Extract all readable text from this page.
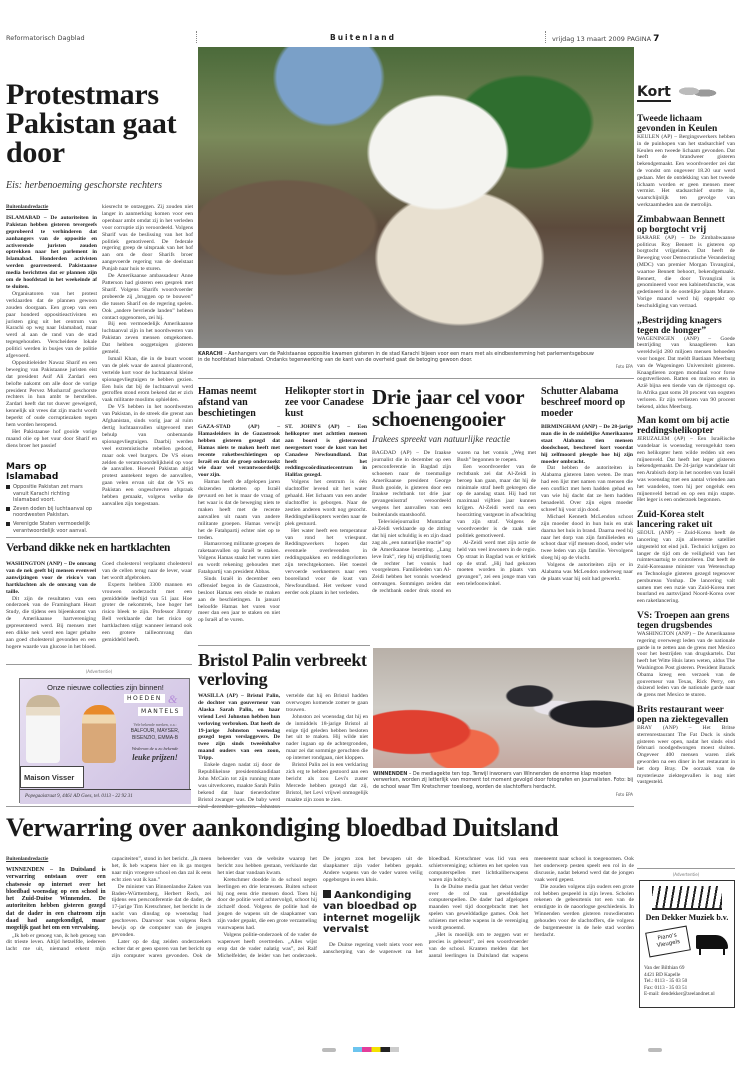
Reformatorisch Dagblad	Buitenland	vrijdag 13 maart 2009 PAGINA 7
Protestmars Pakistan gaat door
Eis: herbenoeming geschorste rechters
Buitenlandredactie

ISLAMABAD – De autoriteiten in Pakistan hebben gisteren tevergeefs geprobeerd te verhinderen dat aanhangers van de oppositie en activerende juristen zouden optrekken naar het parlement in Islamabad. Honderden activisten werden gearresteerd. Pakistaanse media berichtten dat er plannen zijn om de hoofdstad in het weekeinde af te sluiten.

Organisatoren van het protest verklaarden dat de plannen gewoon zouden doorgaan. Een groep van een paar honderd oppositieactivisten en juristen ging uit het centrum van Karachi op weg naar Islamabad, maar werd al aan de rand van de stad tegengehouden. Verscheidene lokale politici werden in busjes van de politie afgevoerd.

Oppositieleider Nawaz Sharif en een beweging van Pakistaanse juristen eist dat president Asif Ali Zardari een belofte nakomt om alle door de vorige president Pervez Musharraf geschorste rechters in hun ambt te herstellen. Zardari heeft dat tot dusver geweigerd, kennelijk uit vrees dat zijn macht wordt beperkt of oude corruptiezaken tegen hem worden heropend.

Het Pakistaanse hof gooide vorige maand olie op het vuur door Sharif en diens broer het passief

kiesrecht te ontzeggen. Zij zouden niet langer in aanmerking komen voor een openbaar ambt omdat zij in het verleden voor corruptie zijn veroordeeld. Volgens Sharif was de beslissing van het hof politiek gemotiveerd. De federale regering greep de uitspraak van het hof aan om de door Sharifs broer aangevoerde regering van de deelstaat Punjab naar huis te sturen.

De Amerikaanse ambassadeur Anne Patterson had gisteren een gesprek met Sharif. Volgens Sharifs woordvoerder probeerde zij „bruggen op te bouwen” die tussen Sharif en de regering spelen. Ook „andere bevriende landen” hebben contact opgenomen, zei hij.

Bij een vermoedelijk Amerikaanse luchtaanval zijn in het noordwesten van Pakistan zeven mensen omgekomen. Dat hebben ooggetuigen gisteren gemeld.

Ismail Khan, die in de buurt woont van de plek waar de aanval plaatsvond, vertelde kort voor de luchtaanval kleine spionagevliegtuigen te hebben gezien. Een huis dat bij de luchtaanval werd getroffen stond erom bekend dat er zich vaak militante moslims ophielden.

De VS hebben in het noordwesten van Pakistan, in de streek die grenst aan Afghanistan, sinds vorig jaar al ruim dertig luchtaanvallen uitgevoerd met behulp van onbemande spionagevliegtuigen. Daarbij werden veel extremistische rebellen gedood, maar ook veel burgers. De VS eisen zelden de verantwoordelijkheid op voor de aanvallen. Hoewel Pakistan altijd protest aantekent tegen de aanvallen, gaan velen ervan uit dat de VS en Pakistan een ongeschreven afspraak hebben gemaakt, volgens welke de aanvallen zijn toegestaan.

Mars op Islamabad
Oppositie Pakistan zet mars vanuit Karachi richting Islamabad voort.
Zeven doden bij luchtaanval op noordwesten Pakistan.
Verenigde Staten vermoedelijk verantwoordelijk voor aanval.
Verband dikke nek en hartklachten

WASHINGTON (ANP) – De omvang van de nek geeft bij mensen evenveel aanwijzingen voor de risico's van hartklachten als de omvang van de taille.

Dit zijn de resultaten van een onderzoek van de Framingham Heart Study, die tijdens een bijeenkomst van de Amerikaanse hartvereniging gepresenteerd werd. Bij mensen met een dikke nek werd een lager gehalte aan goed cholesterol gevonden en een hogere waarde van glucose in het bloed. Goed cholesterol verplaatst cholesterol van de cellen terug naar de lever, waar het wordt afgebroken.

Experts hebben 3300 mannen en vrouwen onderzocht met een gemiddelde leeftijd van 51 jaar. Hoe groter de nekomtrek, hoe hoger het risico bleek te zijn. Professor Jimmy Bell verklaarde dat het risico op hartklachten stijgt wanneer iemand ook een grotere tailleomvang dan gemiddeld heeft.

(Advertentie)
Onze nieuwe collecties zijn binnen!
HOEDEN &
MANTELS
Vele bekende merken, o.a.:
BALFOUR, MAYSER, BISENZIO, EMMA-B
Wederom de u zo bekende
leuke prijzen!
Maison Visser
Popegaaistraat 9, 4461 AD Goes, tel. 0113 - 22 92 31
KARACHI – Aanhangers van de Pakistaanse oppositie kwamen gisteren in de stad Karachi bijeen voor een mars met als eindbestemming het parlementsgebouw in de hoofdstad Islamabad. Ondanks tegenwerking van de kant van de overheid gaat de betoging gewoon door.
Foto EPA
Hamas neemt afstand van beschietingen

GAZA-STAD (AP) – Hamasleiders in de Gazastrook hebben gisteren gezegd dat Hamas niets te maken heeft met recente raketbeschietingen op Israël en dat de groep onderzoekt wie daar wel verantwoordelijk voor zijn.

Hamas heeft de afgelopen jaren duizenden raketten op Israël gevuurd en het is maar de vraag of het waar is dat de beweging niets te maken heeft met de recente aanvallen uit naam van andere militante groepen. Hamas verwijt het de Fatahpartij echter niet op te treden.

Hamasvroeg militante groepen de raketaanvallen op Israël te staken. Volgens Hamas staakt het vuren niet en wordt rekening gehouden met Fatahpartij van president Abbas.

Sinds Israël in december een offensief begon in de Gazastrook, besloot Hamas een einde te maken aan de beschietingen. In januari beloofde Hamas het vuren voor meer dan een jaar te staken en niet op Israël af te vuren.

Helikopter stort in zee voor Canadese kust

ST. JOHN'S (AP) – Een helikopter met achttien mensen aan boord is gisteravond neergestort voor de kust van het Canadese Newfoundland. Dat heeft het reddingscoördinatiecentrum in Halifax gezegd.

Volgens het centrum is één slachtoffer levend uit het water gehaald. Het lichaam van een ander slachtoffer is geborgen. Naar de zestien anderen wordt nog gezocht. Reddingshelikopters werden naar de plek gestuurd.

Het water heeft een temperatuur van rond het vriespunt. Reddingswerkers hopen dat eventuele overlevenden in reddingspakken en reddingsvlotten zijn terechtgekomen. Het toestel vervoerde werknemers naar een booreiland voor de kust van Newfoundland. Het verkeer vond eerder ook plaats in het verleden.

Drie jaar cel voor schoenengooier
Irakees spreekt van natuurlijke reactie

BAGDAD (AP) – De Iraakse journalist die in december op een persconferentie in Bagdad zijn schoenen naar de toenmalige Amerikaanse president George Bush gooide, is gisteren door een Iraakse rechtbank tot drie jaar gevangenisstraf veroordeeld wegens het aanvallen van een buitenlands staatshoofd.

Televisiejournalist Muntazhar al-Zeidi verklaarde op de zitting dat hij niet schuldig is en zijn daad zag als „een natuurlijke reactie” op de Amerikaanse bezetting. „Lang leve Irak”, riep hij strijdlustig toen de rechter het vonnis had voorgelezen. Familieleden van Al-Zeidi hebben het vonnis woedend ontvangen. Sommigen zeiden dat de rechtbank onder druk stond en waren na het vonnis „Weg met Bush” begonnen te roepen.

Een woordvoerder van de rechtbank zei dat Al-Zeidi in beroep kan gaan, maar dat hij de minimale straf heeft gekregen die op de aanslag staat. Hij had tot maximaal vijftien jaar kunnen krijgen. Al-Zeidi werd na een hoorzitting vastgezet in afwachting van zijn straf. Volgens de woordvoerder is de zaak niet politiek gemotiveerd.

Al-Zeidi werd met zijn actie de held van veel inwoners in de regio. Op straat in Bagdad was er kritiek op de straf. „Hij had gekozen moeten worden in plaats van gevangen”, zei een jonge man van een telefoonwinkel.

Schutter Alabama beschreef moord op moeder

BIRMINGHAM (ANP) – De 28-jarige man die in de zuidelijke Amerikaanse staat Alabama tien mensen doodschoot, beschreef kort voordat hij zelfmoord pleegde hoe hij zijn moeder ombracht.

Dat hebben de autoriteiten in Alabama gisteren laten weten. De man had een lijst met namen van mensen die een conflict met hem hadden gehad en van wie hij dacht dat ze hem hadden benadeeld. Over zijn eigen moeder schreef hij voor zijn dood.

Michael Kenneth McLendon schoot zijn moeder dood in hun huis en stak daarna het huis in brand. Daarna reed hij naar het dorp van zijn familieleden en schoot daar vijf mensen dood, onder wie twee leden van zijn familie. Vervolgens sloeg hij op de vlucht.

Volgens de autoriteiten zijn er in Alabama was McLendon onderweg naar de plaats waar hij ooit had gewerkt.

Bristol Palin verbreekt verloving

WASILLA (AP) – Bristol Palin, de dochter van gouverneur van Alaska Sarah Palin, en haar vriend Levi Johnston hebben hun verloving verbroken. Dat heeft de 19-jarige Johnston woensdag gezegd tegen verslaggevers. De twee zijn sinds tweeënhalve maand ouders van een zoon, Tripp.

Enkele dagen nadat zij door de Republikeinse presidentskandidaat John McCain tot zijn running mate was uitverkoren, maakte Sarah Palin bekend dat haar tienerdochter Bristol zwanger was. De baby werd vertelde dat hij en Bristol hadden overwogen komende zomer te gaan trouwen.

Johnston zei woensdag dat hij en de inmiddels 18-jarige Bristol al enige tijd geleden hebben besloten het uit te maken. Hij wilde niet nader ingaan op de achtergronden, maar zei dat sommige geruchten die op internet rondgaan, niet kloppen.

Bristol Palin zei in een verklaring zich erg te hebben gestoord aan een bericht als zou Levi's zuster Mercede hebben gezegd dat zij, Bristol, het Levi vrijwel onmogelijk maakte zijn zoon te zien.

WINNENDEN – De mediagekte ten top. Terwijl inwoners van Winnenden de enorme klap moeten verwerken, worden zij letterlijk van moment tot moment gevolgd door fotografen en journalisten. Foto: bij de school waar Tim Kretschmer toesloeg, worden de slachtoffers herdacht.
Foto EPA
Verwarring over aankondiging bloedbad Duitsland
Buitenlandredactie

WINNENDEN – In Duitsland is verwarring ontstaan over een chatsessie op internet over het bloedbad woensdag op een school in het Zuid-Duitse Winnenden. De autoriteiten hebben gisteren gezegd dat de dader in een chatroom zijn daad had aangekondigd, maar mogelijk gaat het om een vervalsing.

„Ik heb er genoeg van, ik heb genoeg van dit trieste leven. Altijd hetzelfde, iedereen lacht me uit, niemand erkent mijn capaciteiten”, stond in het bericht. „Ik meen het, ik heb wapens hier en ik ga morgen naar mijn vroegere school en dan zal ik eens echt zien wat ik kan.”

De minister van Binnenlandse Zaken van Baden-Württemberg, Herbert Rech, zei tijdens een persconferentie dat de dader, de 17-jarige Tim Kretschmer, het bericht in de nacht van dinsdag op woensdag had geschreven. Daarvoor was volgens Rech bewijs op de computer van de jongen gevonden.

Later op de dag zeiden onderzoekers echter dat er geen sporen van het bericht op zijn computer waren gevonden. Ook de beheerder van de website waarop het bericht zou hebben gestaan, verklaarde dat het niet daar vandaan kwam.

Kretschmer doodde in de school negen leerlingen en drie leraressen. Buiten schoot hij nog eens drie mensen dood. Toen hij door de politie werd achtervolgd, schoot hij zichzelf dood. Volgens de politie had de jongen de wapens uit de slaapkamer van zijn vader gepakt, die een grote verzameling vuurwapens had.

Volgens politie-onderzoek of de vader de wapenwet heeft overtreden. „Alles wijst erop dat de vader nalatig was”, zei Ralf Michelfelder, de leider van het onderzoek. De jongen zou het bewapen uit de slaapkamer zijn vader hebben gepakt. Andere wapens van de vader waren veilig opgeborgen in een kluis.

Aankondiging van bloedbad op internet mogelijk vervalst

De Duitse regering voelt niets voor een aanscherping van de wapenwet na het bloedbad. Kretschmer was lid van een schietvereniging; schieten en het spelen van computerspellen met lichtkaliberwapens waren zijn hobby's.

In de Duitse media gaat het debat verder over de rol van gewelddadige computerspellen. De dader had afgelopen maanden veel tijd doorgebracht met het spelen van gewelddadige games. Ook het schieten met echte wapens in de vereniging wordt genoemd.

„Het is moeilijk om te zeggen wat er precies is gebeurd”, zei een woordvoerder van de school. Kranten melden dat het aantal leerlingen in Duitsland dat wapens meeneemt naar school is toegenomen. Ook het onderwerp pesten speelt een rol in de discussie, nadat bekend werd dat de jongen vaak werd gepest.

Die zouden volgens zijn ouders een grote rol hebben gespeeld in zijn leven. Scholen rekenen de gebeurtenis tot een van de ernstigste in de naoorlogse geschiedenis. In Winnenden werden gisteren rouwdiensten gehouden voor de slachtoffers, die volgens de burgemeester in de hele stad worden herdacht.

Kort
Tweede lichaam gevonden in Keulen

KEULEN (AP) – Bergingswerkers hebben in de puinhopen van het stadsarchief van Keulen een tweede lichaam gevonden. Dat heeft de brandweer gisteren bekendgemaakt. Een woordvoerder zei dat de vondst om ongeveer 18.20 uur werd gedaan. Met de ontdekking van het tweede lichaam worden er geen mensen meer vermist. Het stadsarchief stortte in, waarschijnlijk ten gevolge van werkzaamheden aan de metrolijn.

Zimbabwaan Bennett op borgtocht vrij

HARARE (AP) – De Zimbabwaanse politicus Roy Bennett is gisteren op borgtocht vrijgelaten. Dat heeft de Beweging voor Democratische Verandering (MDC) van premier Morgan Tsvangirai, waartoe Bennett behoort, bekendgemaakt. Bennett, die door Tsvangirai is genomineerd voor een kabinetsfunctie, was gedetineerd in de oostelijke plaats Mutare. Vorige maand werd hij opgepakt op beschuldiging van verraad.

„Bestrijding knagers tegen de honger”

WAGENINGEN (ANP) – Goede bestrijding van knaagdieren kan wereldwijd 280 miljoen mensen behoeden voor honger. Dat meldt Bastiaan Meerburg van de Wageningen Universiteit gisteren. Knaagdieren zorgen mondiaal voor forse oogstverliezen. Ratten en muizen eten in Azië bijna een tiende van de rijstoogst op. In Afrika gaat soms 20 procent van oogsten verloren. Er zijn verliezen van 90 procent bekend, aldus Meerburg.

Man komt om bij actie reddingshelikopter

JERUZALEM (AP) – Een Israëlische wandelaar is woensdag verongelukt toen een helikopter hem wilde redden uit een mijnenveld. Dat heeft het leger gisteren bekendgemaakt. De 24-jarige wandelaar uit een Arabisch dorp in het noorden van Israël was woensdag met een aantal vrienden aan het wandelen, toen hij per ongeluk een mijnenveld betrad en op een mijn stapte. Het leger is een onderzoek begonnen.

Zuid-Korea stelt lancering raket uit

SEOUL (ANP) – Zuid-Korea heeft de lancering van zijn allereerste satelliet uitgesteld tot eind juli. Technici krijgen zo langer de tijd om de veiligheid van het ruimtevaartuig te controleren. Dat heeft de Zuid-Koreaanse minister van Wetenschap en Technologie gisteren gezegd tegenover persbureau Yonhap. De lancering valt samen met een ruzie van Zuid-Korea met buurland en aartsvijand Noord-Korea over een raketlancering.

VS: Troepen aan grens tegen drugsbendes

WASHINGTON (ANP) – De Amerikaanse regering overweegt leden van de nationale garde in te zetten aan de grens met Mexico voor het bestrijden van drugskartels. Dat heeft het Witte Huis laten weten, aldus The Washington Post gisteren. President Barack Obama kreeg een verzoek van de gouverneur van Texas, Rick Perry, om duizend leden van de nationale garde naar de grens met Mexico te sturen.

Brits restaurant weer open na ziektegevallen

BRAY (ANP) – Het Britse sterrenrestaurant The Fat Duck is sinds gisteren weer open, nadat het sinds eind februari noodgedwongen moest sluiten. Ongeveer 400 mensen waren ziek geworden na een diner in het restaurant in het dorp Bray. De oorzaak van de mysterieuze ziektegevallen is nog niet vastgesteld.

(Advertentie)
Den Dekker Muziek b.v.
Piano's
Vleugels
Van der Bilthian 69
4421 BD Kapelle
Tel.: 0113 - 35 03 50
Fax: 0113 - 35 03 51
E-mail: dendekker@zeelandnet.nl
